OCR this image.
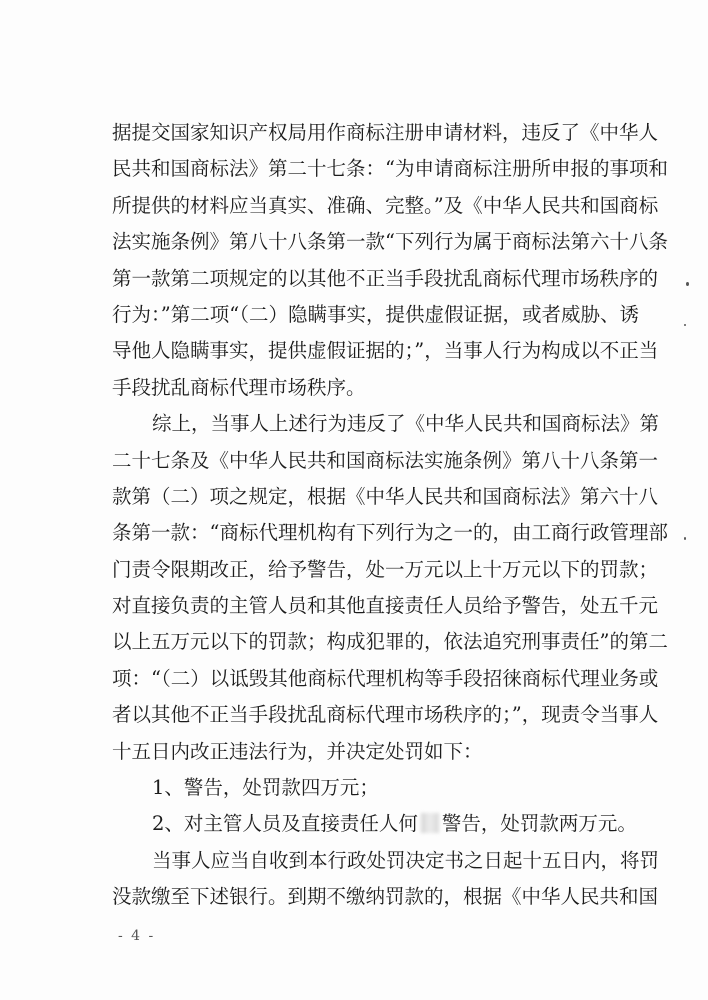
据提交国家知识产权局用作商标注册申请材料，违反了《中华人
民共和国商标法》第二十七条：“为申请商标注册所申报的事项和
所提供的材料应当真实、准确、完整。”及《中华人民共和国商标
法实施条例》第八十八条第一款“下列行为属于商标法第六十八条
第一款第二项规定的以其他不正当手段扰乱商标代理市场秩序的
行为：”第二项“（二）隐瞒事实，提供虚假证据，或者威胁、诱
导他人隐瞒事实，提供虚假证据的；”，当事人行为构成以不正当
手段扰乱商标代理市场秩序。
综上，当事人上述行为违反了《中华人民共和国商标法》第
二十七条及《中华人民共和国商标法实施条例》第八十八条第一
款第（二）项之规定，根据《中华人民共和国商标法》第六十八
条第一款：“商标代理机构有下列行为之一的，由工商行政管理部
门责令限期改正，给予警告，处一万元以上十万元以下的罚款；
对直接负责的主管人员和其他直接责任人员给予警告，处五千元
以上五万元以下的罚款；构成犯罪的，依法追究刑事责任”的第二
项：“（二）以诋毁其他商标代理机构等手段招徕商标代理业务或
者以其他不正当手段扰乱商标代理市场秩序的；”，现责令当事人
十五日内改正违法行为，并决定处罚如下：
1、警告，处罚款四万元；
2、对主管人员及直接责任人何 警告，处罚款两万元。
当事人应当自收到本行政处罚决定书之日起十五日内，将罚
没款缴至下述银行。到期不缴纳罚款的，根据《中华人民共和国
- 4 -
